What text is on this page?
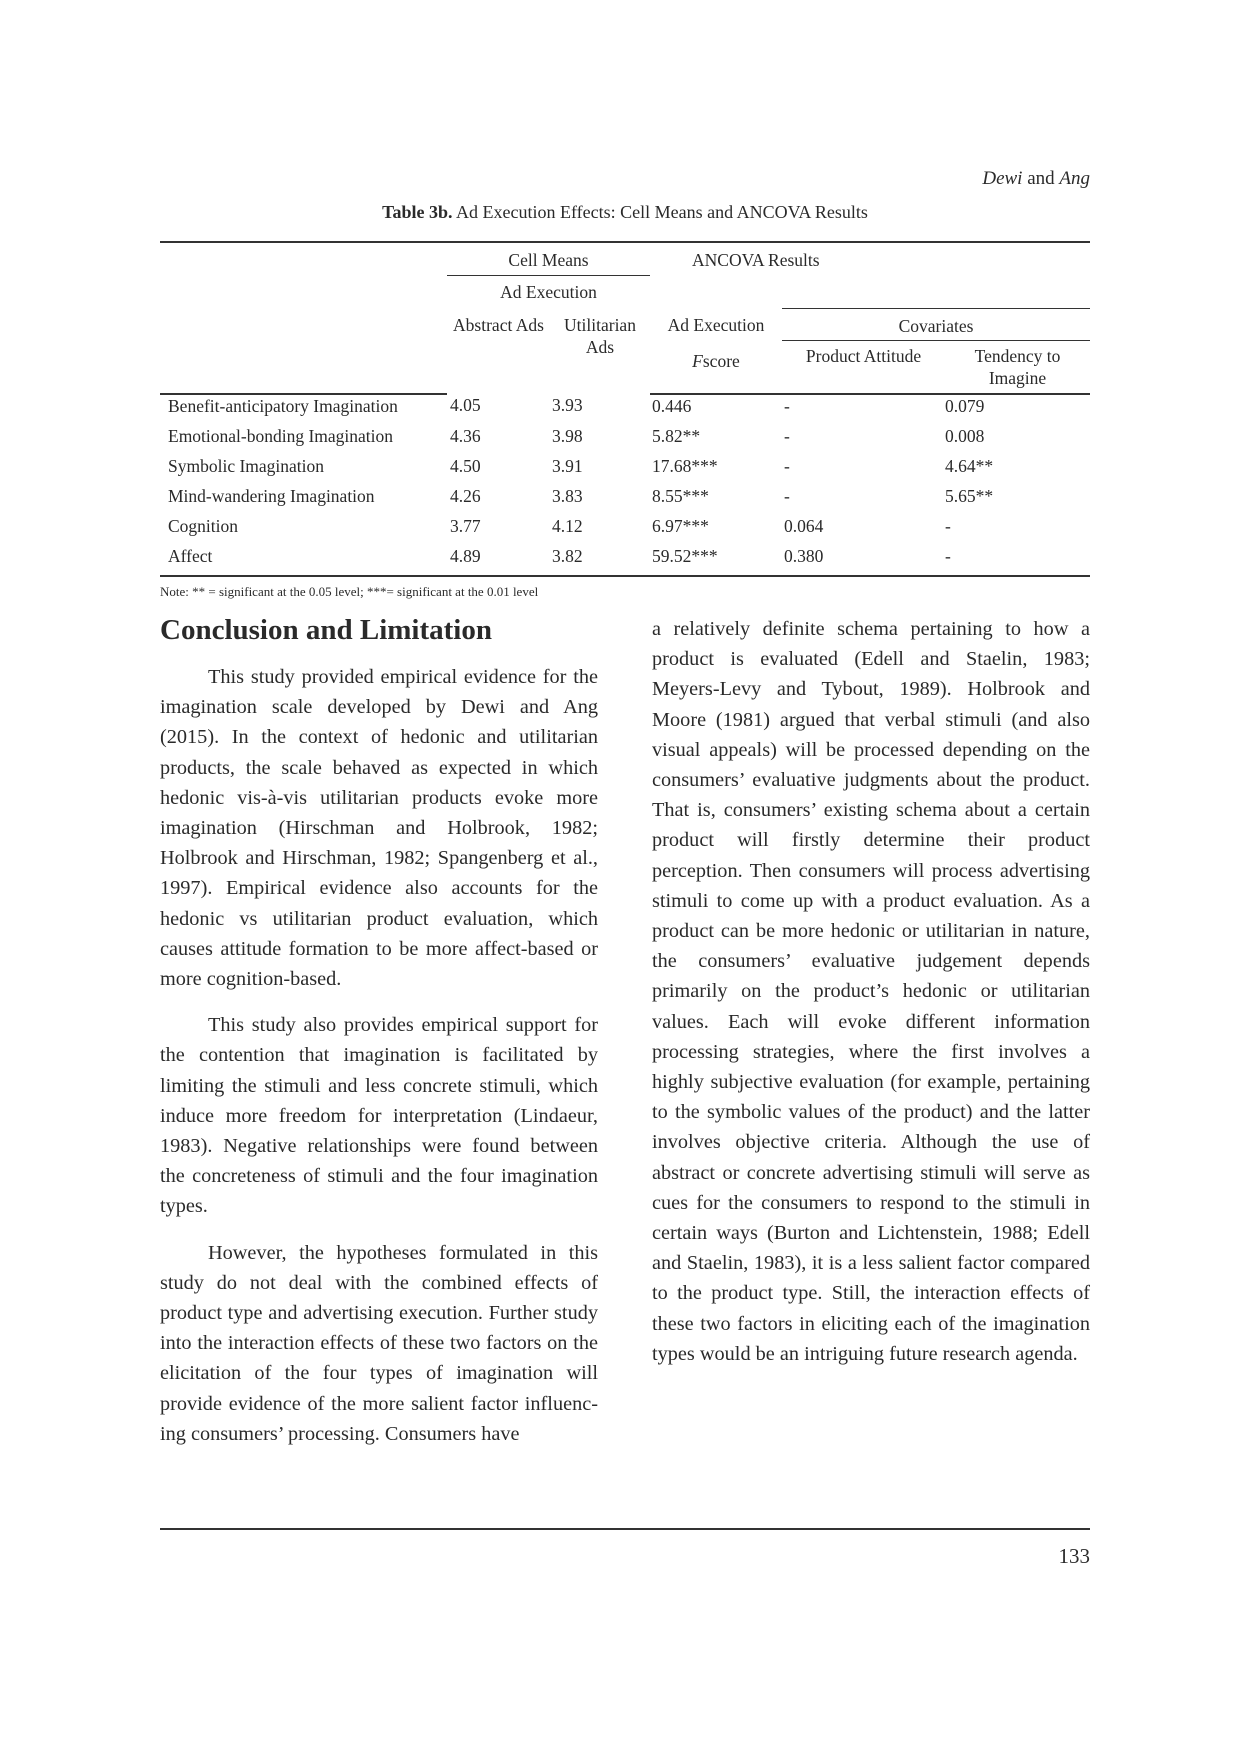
Dewi and Ang
Table 3b. Ad Execution Effects: Cell Means and ANCOVA Results
	Cell Means			ANCOVA Results	
	Ad Execution				
	Abstract Ads	Utilitarian Ads	Ad Execution	Covariates	
			Fscore	Product Attitude	Tendency to Imagine
Benefit-anticipatory Imagination	4.05	3.93	0.446	-	0.079
Emotional-bonding Imagination	4.36	3.98	5.82**	-	0.008
Symbolic Imagination	4.50	3.91	17.68***	-	4.64**
Mind-wandering Imagination	4.26	3.83	8.55***	-	5.65**
Cognition	3.77	4.12	6.97***	0.064	-
Affect	4.89	3.82	59.52***	0.380	-
Note: ** = significant at the 0.05 level; ***= significant at the 0.01 level
Conclusion and Limitation

This study provided empirical evidence for the imagination scale developed by Dewi and Ang (2015). In the context of hedonic and utilitarian products, the scale behaved as expected in which hedonic vis-à-vis utilitarian products evoke more imagination (Hirschman and Holbrook, 1982; Holbrook and Hirschman, 1982; Spangenberg et al., 1997). Empirical evidence also accounts for the hedonic vs utilitarian product evaluation, which causes attitude formation to be more affect-based or more cognition-based.

This study also provides empirical support for the contention that imagination is facilitated by limiting the stimuli and less concrete stimuli, which induce more freedom for interpretation (Lindaeur, 1983). Negative relationships were found between the concreteness of stimuli and the four imagination types.

However, the hypotheses formulated in this study do not deal with the combined effects of product type and advertising execution. Further study into the interaction effects of these two factors on the elicitation of the four types of imagination will provide evidence of the more salient factor influencing consumers’ processing. Consumers have

a relatively definite schema pertaining to how a product is evaluated (Edell and Staelin, 1983; Meyers-Levy and Tybout, 1989). Holbrook and Moore (1981) argued that verbal stimuli (and also visual appeals) will be processed depending on the consumers’ evaluative judgments about the product. That is, consumers’ existing schema about a certain product will firstly determine their product perception. Then consumers will process advertising stimuli to come up with a product evaluation. As a product can be more hedonic or utilitarian in nature, the consumers’ evaluative judgement depends primarily on the product’s hedonic or utilitarian values. Each will evoke different information processing strategies, where the first involves a highly subjective evaluation (for example, pertaining to the symbolic values of the product) and the latter involves objective criteria. Although the use of abstract or concrete advertising stimuli will serve as cues for the consumers to respond to the stimuli in certain ways (Burton and Lichtenstein, 1988; Edell and Staelin, 1983), it is a less salient factor compared to the product type. Still, the interaction effects of these two factors in eliciting each of the imagination types would be an intriguing future research agenda.

133
